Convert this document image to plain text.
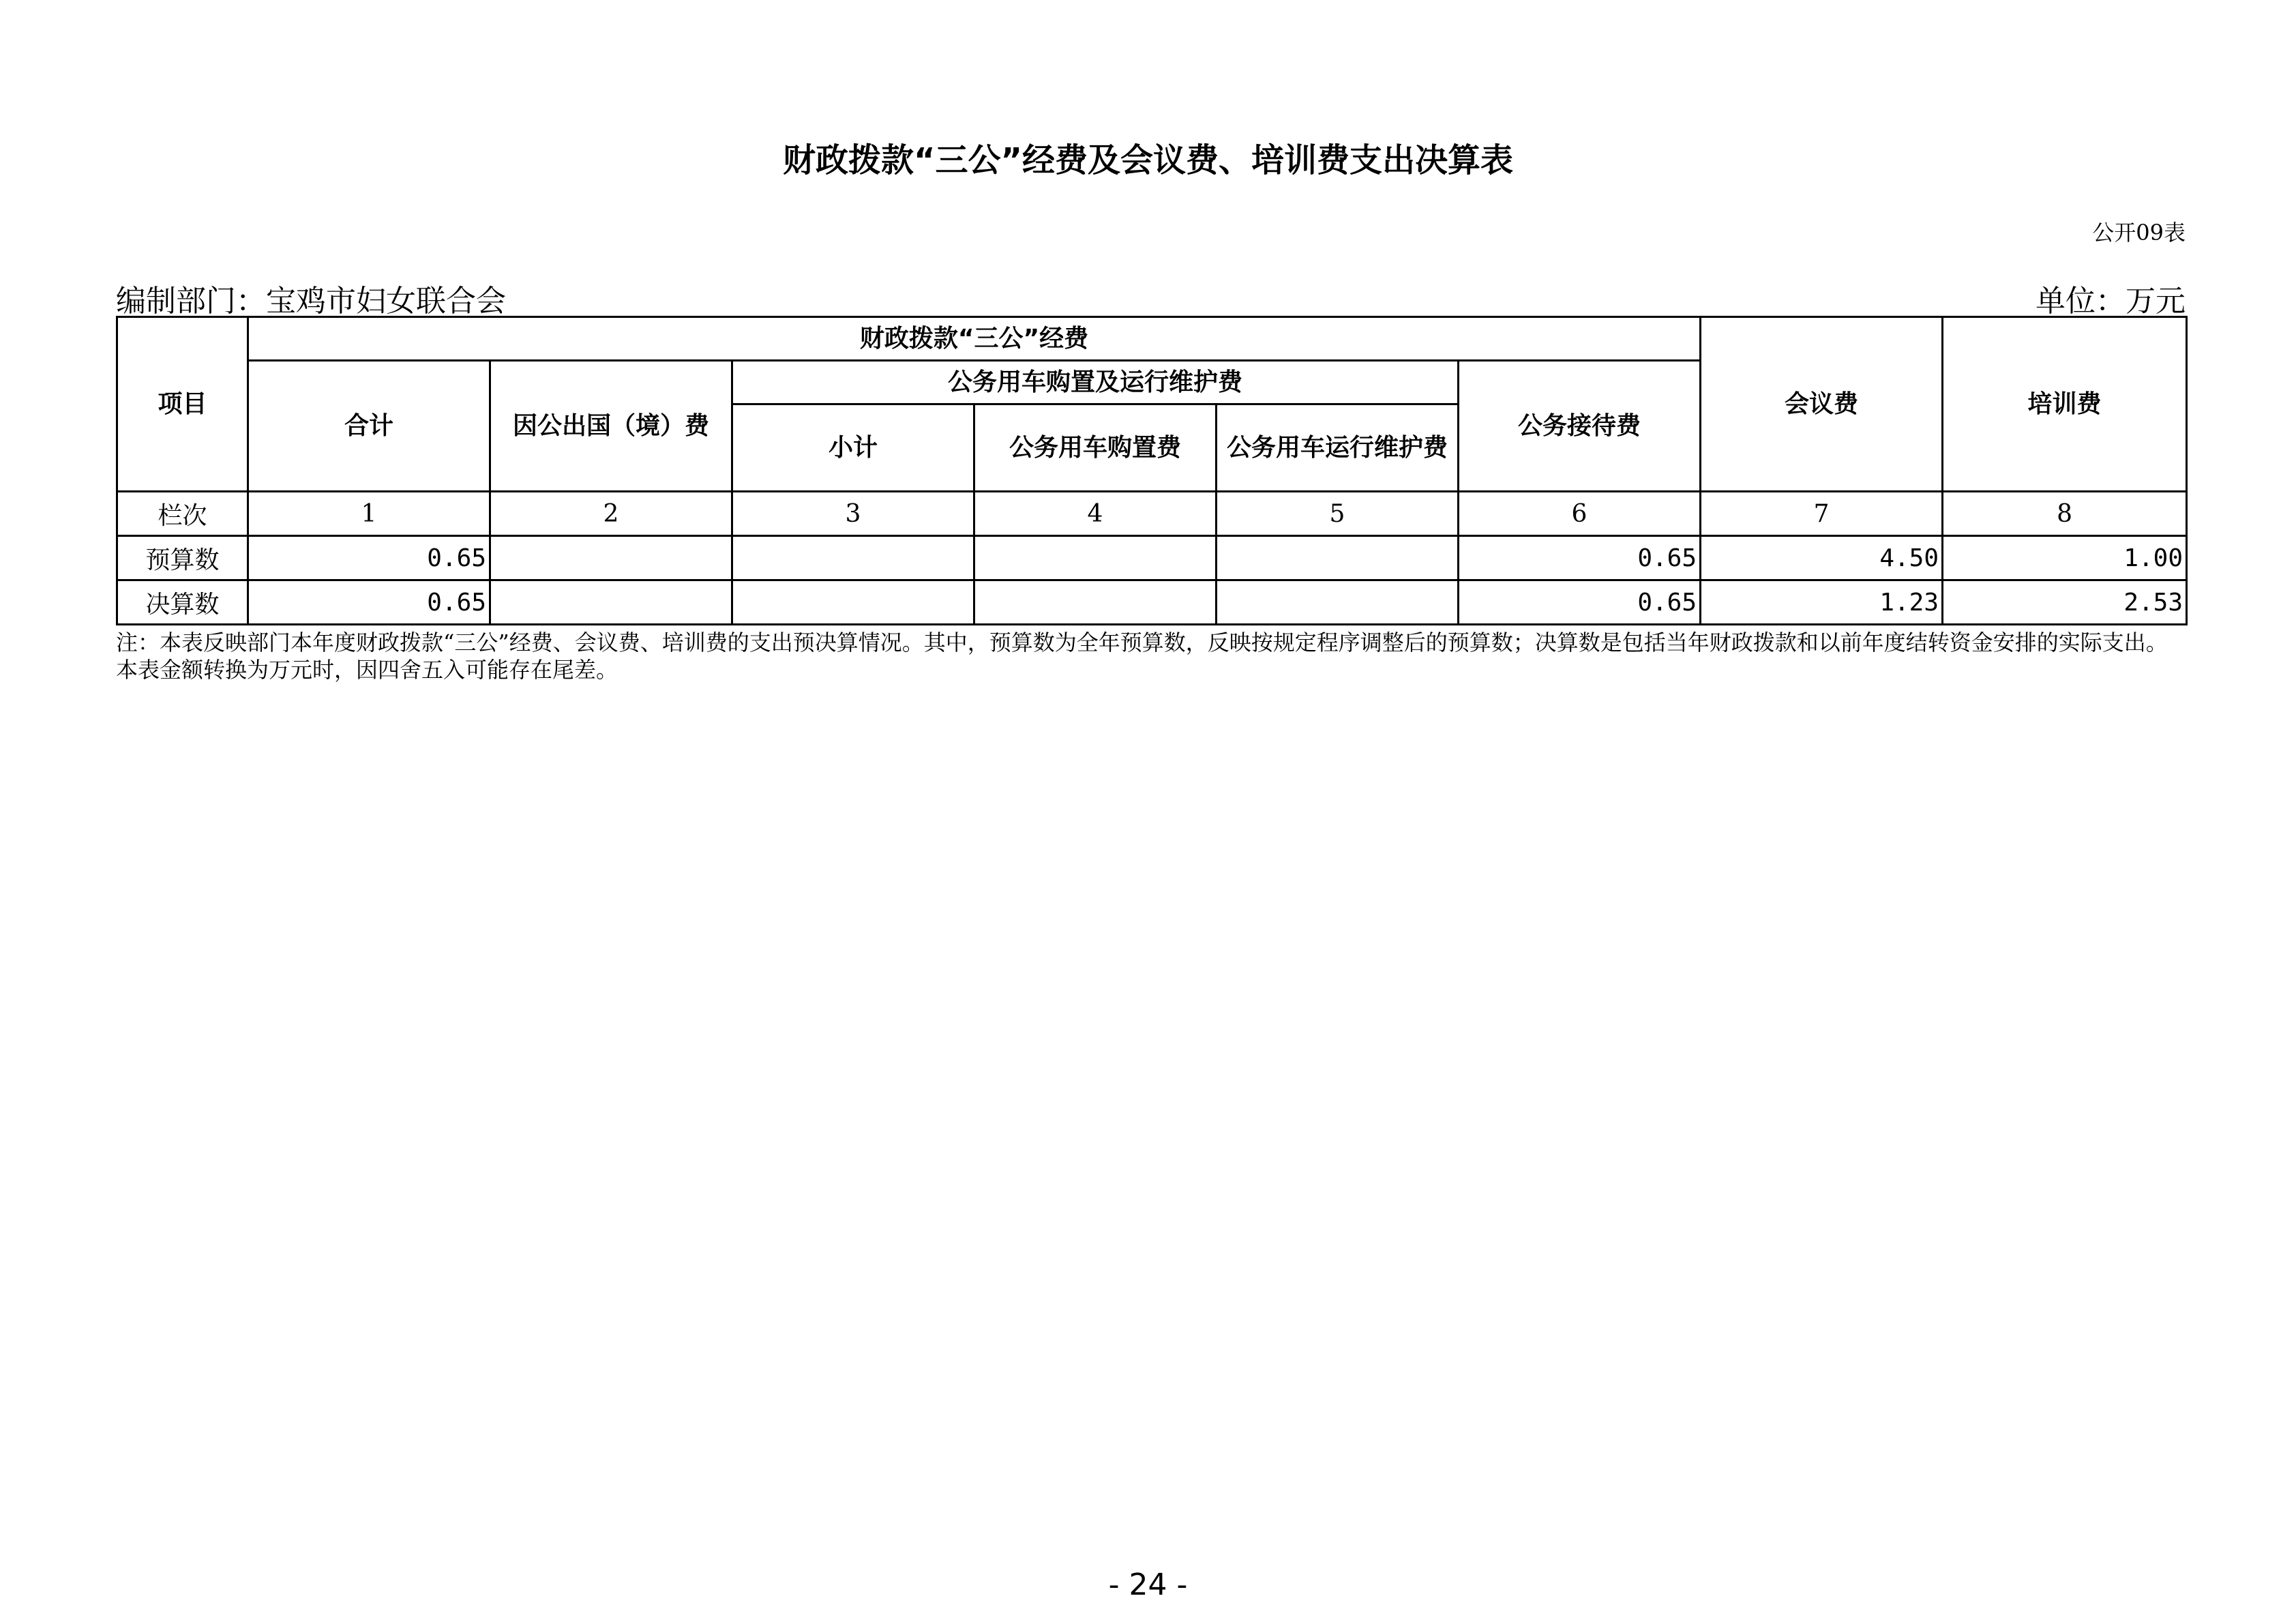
财政拨款“三公”经费及会议费、培训费支出决算表
公开09表
编制部门：宝鸡市妇女联合会	单位：万元
项目	财政拨款“三公”经费						会议费	培训费
	合计	因公出国（境）费	公务用车购置及运行维护费			公务接待费		
			小计	公务用车购置费	公务用车运行维护费			
栏次	1	2	3	4	5	6	7	8
预算数	0.65					0.65	4.50	1.00
决算数	0.65					0.65	1.23	2.53
注：本表反映部门本年度财政拨款“三公”经费、会议费、培训费的支出预决算情况。其中，预算数为全年预算数，反映按规定程序调整后的预算数；决算数是包括当年财政拨款和以前年度结转资金安排的实际支出。本表金额转换为万元时，因四舍五入可能存在尾差。
- 24 -
